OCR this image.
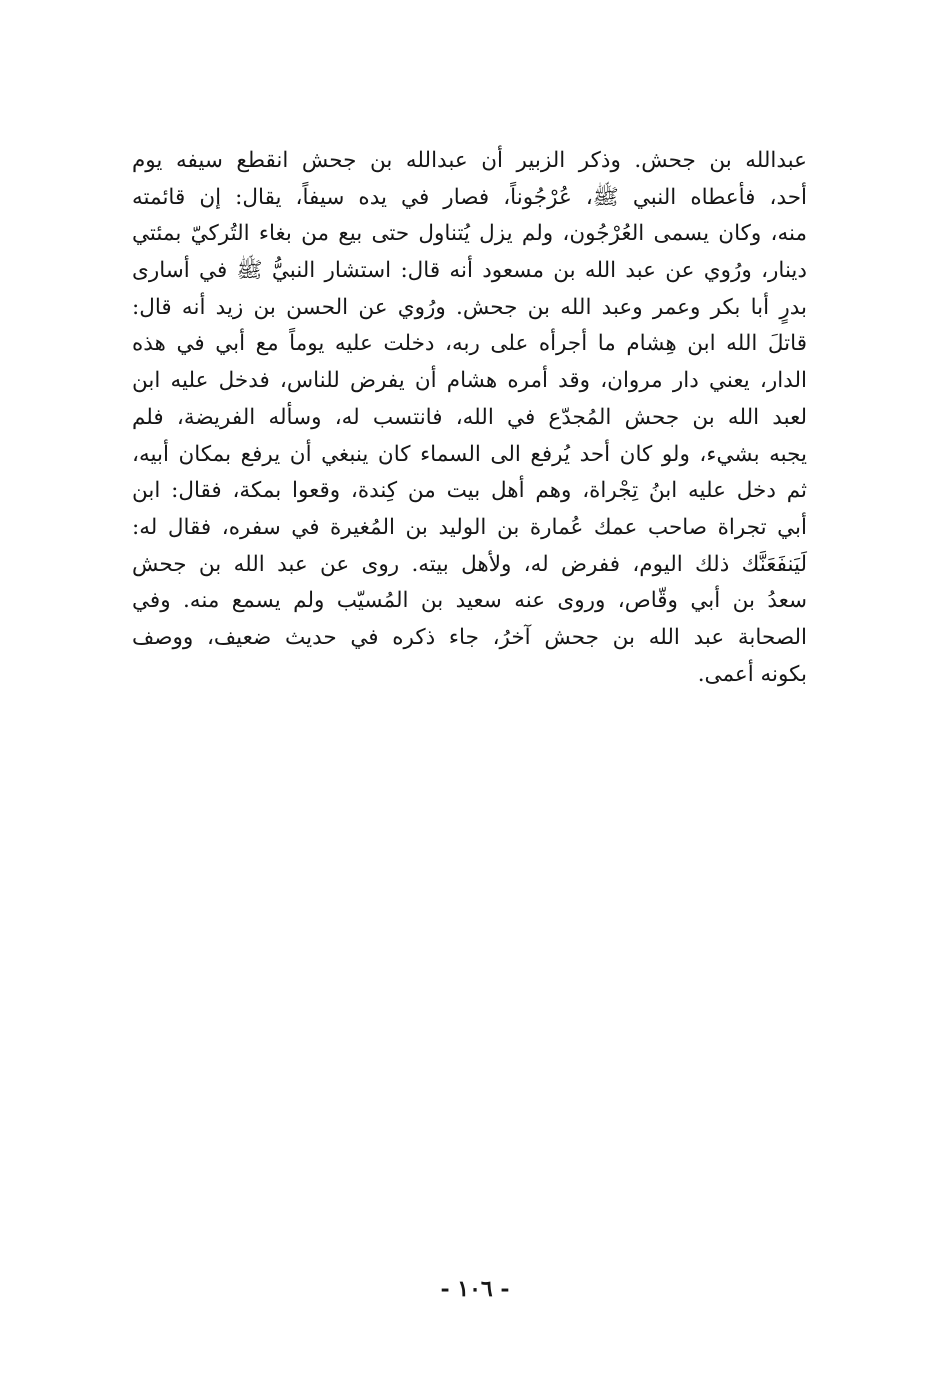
عبدالله بن جحش. وذكر الزبير أن عبدالله بن جحش انقطع سيفه يوم
أحد، فأعطاه النبي ﷺ، عُرْجُوناً، فصار في يده سيفاً، يقال: إن قائمته
منه، وكان يسمى العُرْجُون، ولم يزل يُتناول حتى بيع من بغاء التُركيّ بمئتي
دينار، ورُوي عن عبد الله بن مسعود أنه قال: استشار النبيُّ ﷺ في أسارى
بدرٍ أبا بكر وعمر وعبد الله بن جحش. ورُوي عن الحسن بن زيد أنه قال:
قاتلَ الله ابن هِشام ما أجرأه على ربه، دخلت عليه يوماً مع أبي في هذه
الدار، يعني دار مروان، وقد أمره هشام أن يفرض للناس، فدخل عليه ابن
لعبد الله بن جحش المُجدّع في الله، فانتسب له، وسأله الفريضة، فلم
يجبه بشيء، ولو كان أحد يُرفع الى السماء كان ينبغي أن يرفع بمكان أبيه،
ثم دخل عليه ابنُ تِجْراة، وهم أهل بيت من كِندة، وقعوا بمكة، فقال: ابن
أبي تجراة صاحب عمك عُمارة بن الوليد بن المُغيرة في سفره، فقال له:
لَيَنفَعَنَّك ذلك اليوم، ففرض له، ولأهل بيته. روى عن عبد الله بن جحش
سعدُ بن أبي وقّاص، وروى عنه سعيد بن المُسيّب ولم يسمع منه. وفي
الصحابة عبد الله بن جحش آخرُ، جاء ذكره في حديث ضعيف، ووصف
بكونه أعمى.
- ١٠٦ -
